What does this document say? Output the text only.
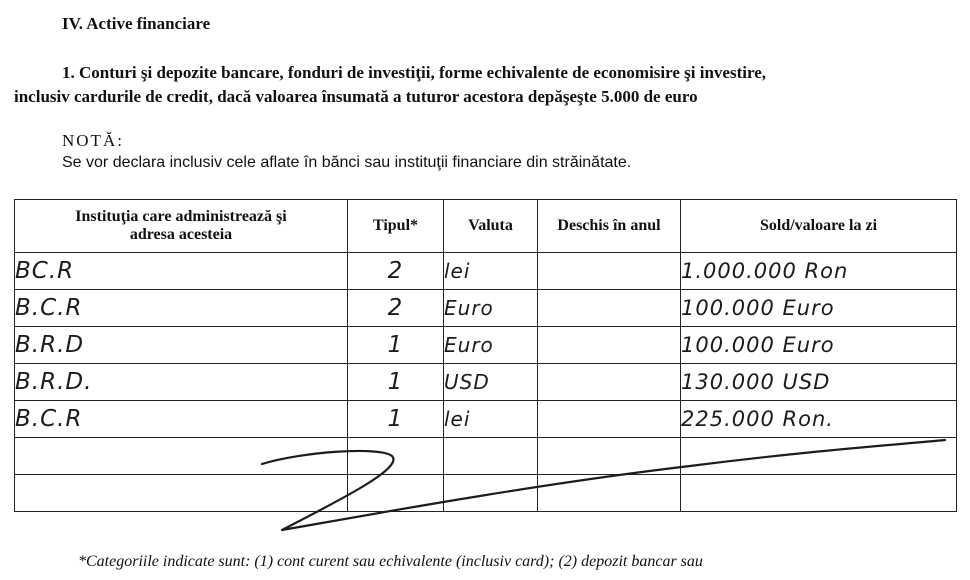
IV. Active financiare
1. Conturi şi depozite bancare, fonduri de investiţii, forme echivalente de economisire şi investire,
inclusiv cardurile de credit, dacă valoarea însumată a tuturor acestora depăşeşte 5.000 de euro
NOTĂ:
Se vor declara inclusiv cele aflate în bănci sau instituţii financiare din străinătate.
Instituţia care administrează şi adresa acesteia	Tipul*	Valuta	Deschis în anul	Sold/valoare la zi
BC.R	2	lei		1.000.000 Ron
B.C.R	2	Euro		100.000 Euro
B.R.D	1	Euro		100.000 Euro
B.R.D.	1	USD		130.000 USD
B.C.R	1	lei		225.000 Ron.

*Categoriile indicate sunt: (1) cont curent sau echivalente (inclusiv card); (2) depozit bancar sau
